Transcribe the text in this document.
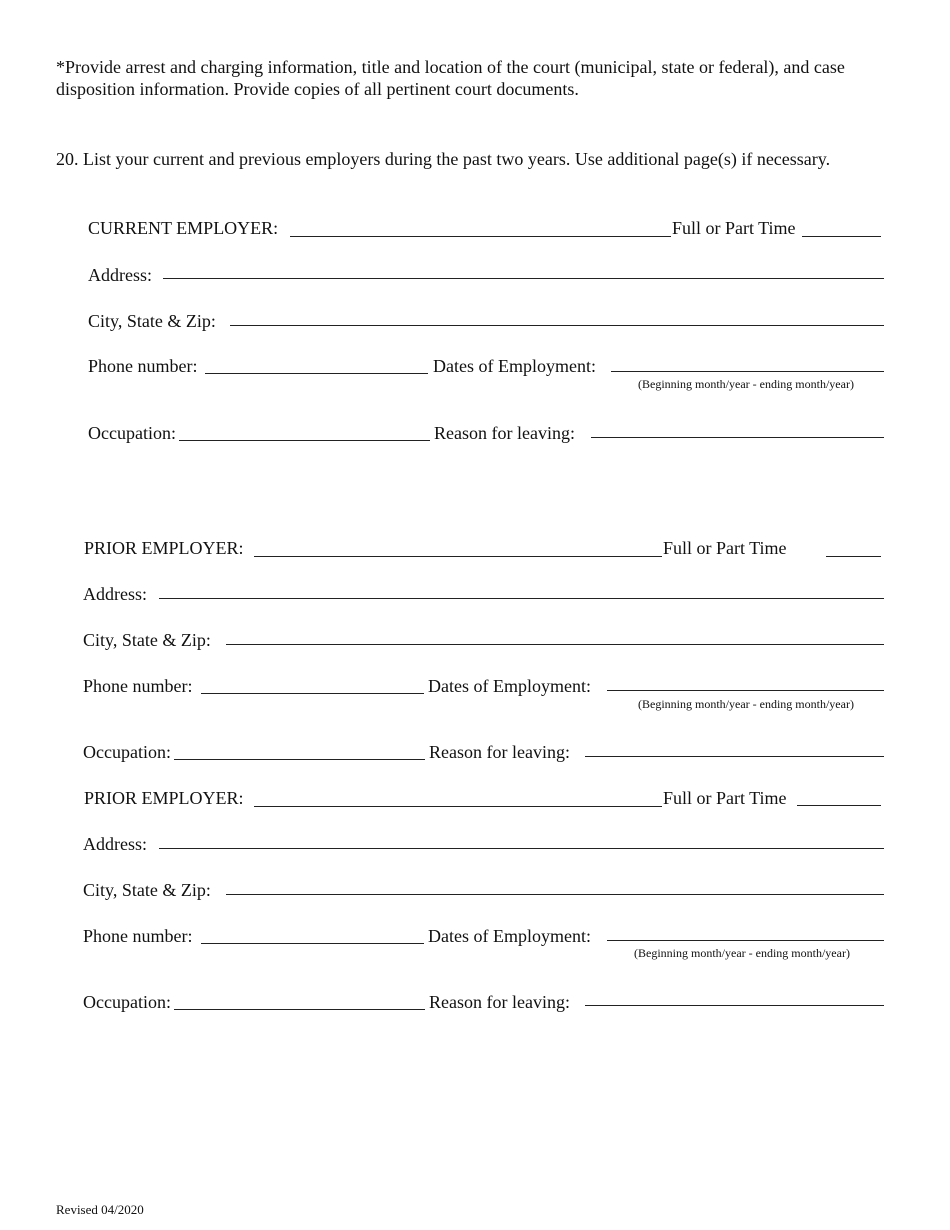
*Provide arrest and charging information, title and location of the court (municipal, state or federal), and case disposition information. Provide copies of all pertinent court documents.
20. List your current and previous employers during the past two years. Use additional page(s) if necessary.
CURRENT EMPLOYER:	Full or Part Time
Address:
City, State & Zip:
Phone number:	Dates of Employment:
(Beginning month/year - ending month/year)
Occupation:	Reason for leaving:
PRIOR EMPLOYER:	Full or Part Time
Address:
City, State & Zip:
Phone number:	Dates of Employment:
(Beginning month/year - ending month/year)
Occupation:	Reason for leaving:
PRIOR EMPLOYER:	Full or Part Time
Address:
City, State & Zip:
Phone number:	Dates of Employment:
(Beginning month/year - ending month/year)
Occupation:	Reason for leaving:
Revised 04/2020
